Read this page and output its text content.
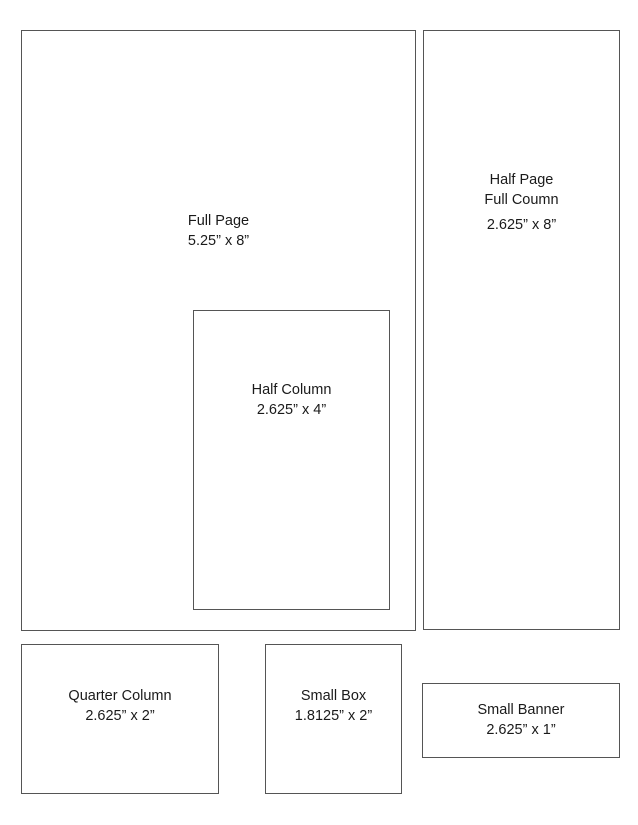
Full Page
5.25” x 8”
Half Column
2.625” x 4”
Half Page
Full Coumn
2.625” x 8”
Quarter Column
2.625” x 2”
Small Box
1.8125” x 2”	Small Banner
2.625” x 1”
